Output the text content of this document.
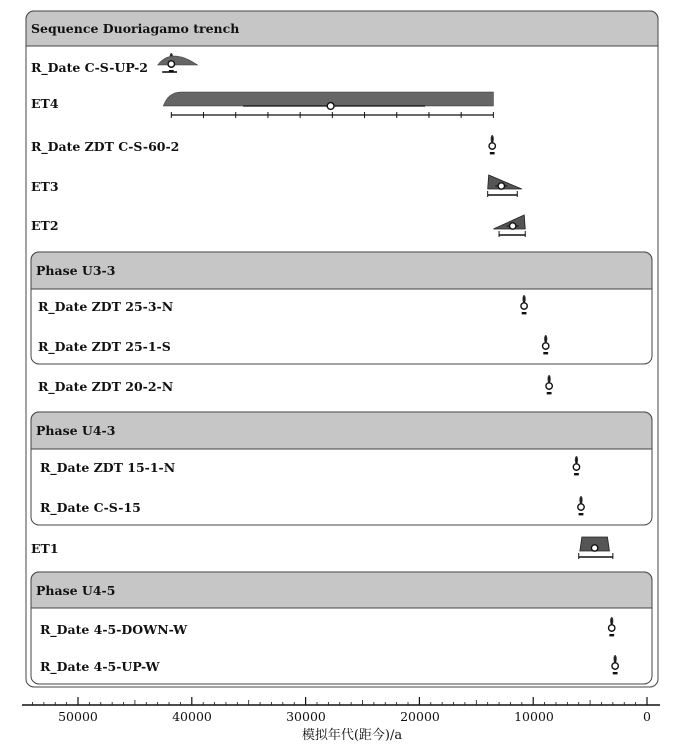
Sequence Duoriagamo trench
Phase U3-3
Phase U4-3
Phase U4-5
R_Date C-S-UP-2
ET4
R_Date ZDT C-S-60-2
ET3
ET2
R_Date ZDT 25-3-N
R_Date ZDT 25-1-S
R_Date ZDT 20-2-N
R_Date ZDT 15-1-N
R_Date C-S-15
ET1
R_Date 4-5-DOWN-W
R_Date 4-5-UP-W
50000	40000	30000	20000	10000	0
模拟年代(距今)/a
